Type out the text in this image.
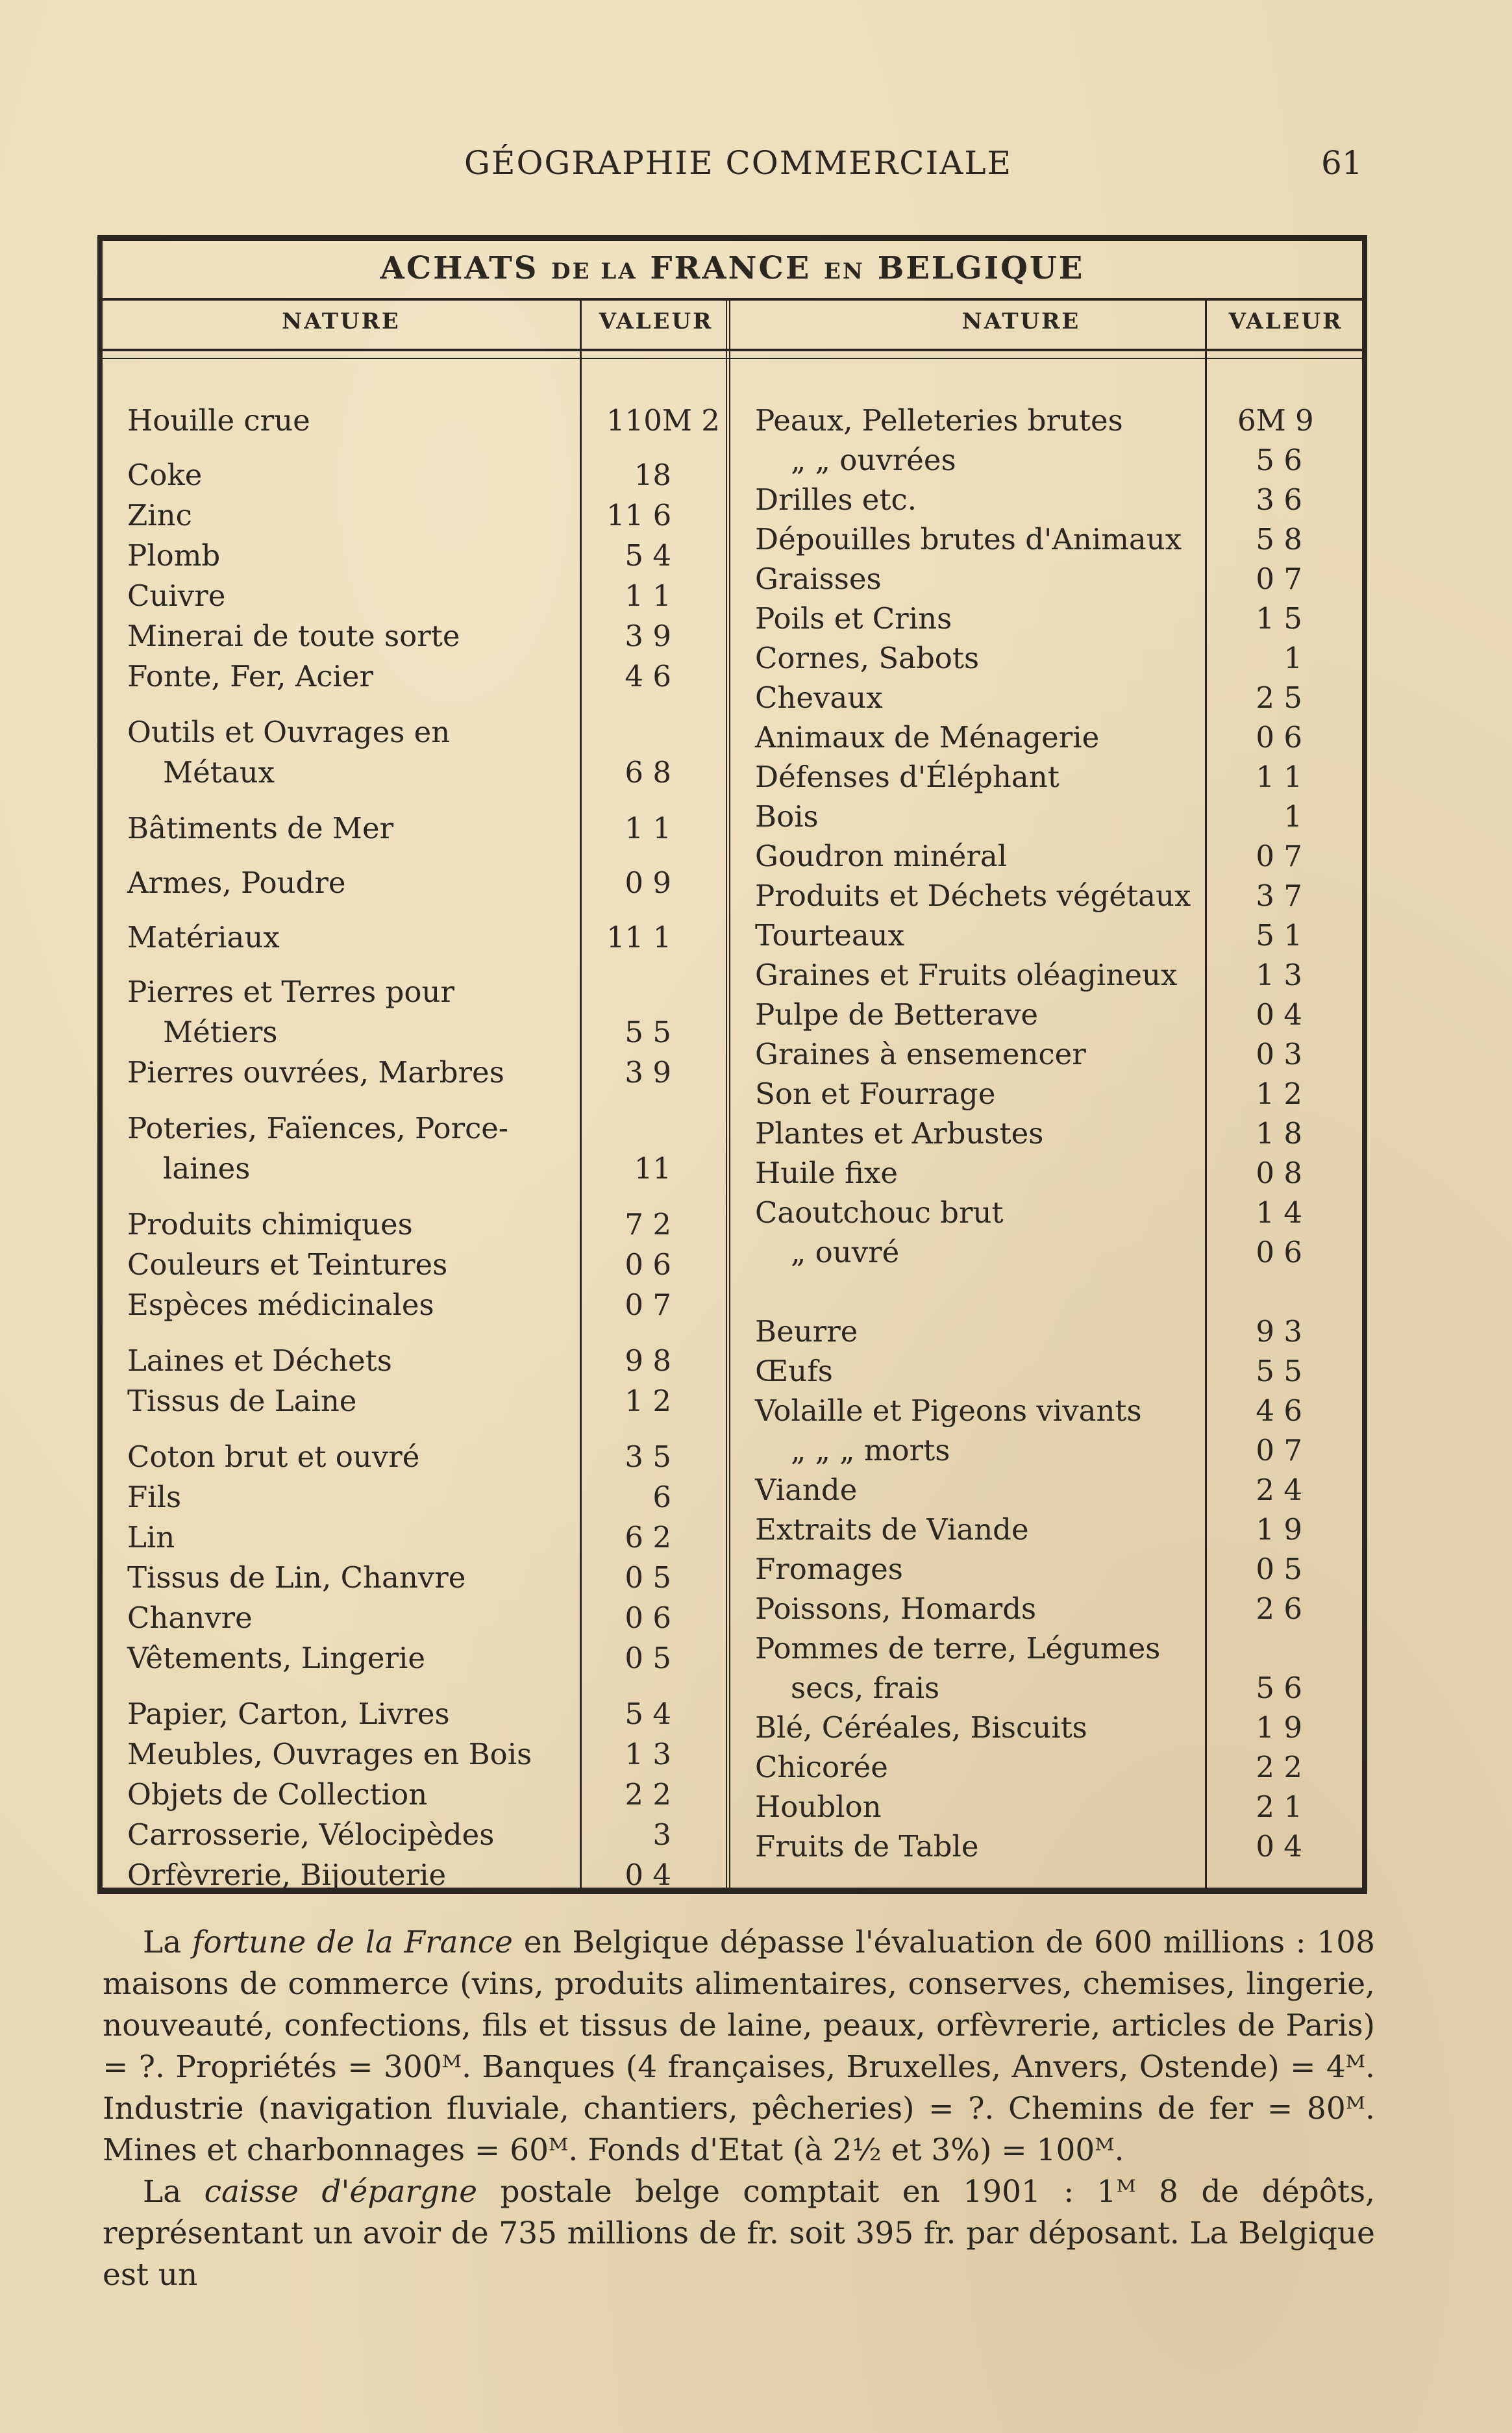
GÉOGRAPHIE COMMERCIALE	61
ACHATS DE LA FRANCE EN BELGIQUE
NATURE	VALEUR	NATURE	VALEUR
Houille crue	110M 2
Coke	18
Zinc	11 6
Plomb	5 4
Cuivre	1 1
Minerai de toute sorte	3 9
Fonte, Fer, Acier	4 6
Outils et Ouvrages en
Métaux	6 8
Bâtiments de Mer	1 1
Armes, Poudre	0 9
Matériaux	11 1
Pierres et Terres pour
Métiers	5 5
Pierres ouvrées, Marbres	3 9
Poteries, Faïences, Porce-
laines	11
Produits chimiques	7 2
Couleurs et Teintures	0 6
Espèces médicinales	0 7
Laines et Déchets	9 8
Tissus de Laine	1 2
Coton brut et ouvré	3 5
Fils	6
Lin	6 2
Tissus de Lin, Chanvre	0 5
Chanvre	0 6
Vêtements, Lingerie	0 5
Papier, Carton, Livres	5 4
Meubles, Ouvrages en Bois	1 3
Objets de Collection	2 2
Carrosserie, Vélocipèdes	3
Orfèvrerie, Bijouterie	0 4
Peaux, Pelleteries brutes	6M 9
„ „ ouvrées	5 6
Drilles etc.	3 6
Dépouilles brutes d'Animaux	5 8
Graisses	0 7
Poils et Crins	1 5
Cornes, Sabots	1
Chevaux	2 5
Animaux de Ménagerie	0 6
Défenses d'Éléphant	1 1
Bois	1
Goudron minéral	0 7
Produits et Déchets végétaux	3 7
Tourteaux	5 1
Graines et Fruits oléagineux	1 3
Pulpe de Betterave	0 4
Graines à ensemencer	0 3
Son et Fourrage	1 2
Plantes et Arbustes	1 8
Huile fixe	0 8
Caoutchouc brut	1 4
„ ouvré	0 6
Beurre	9 3
Œufs	5 5
Volaille et Pigeons vivants	4 6
„ „ „ morts	0 7
Viande	2 4
Extraits de Viande	1 9
Fromages	0 5
Poissons, Homards	2 6
Pommes de terre, Légumes
secs, frais	5 6
Blé, Céréales, Biscuits	1 9
Chicorée	2 2
Houblon	2 1
Fruits de Table	0 4

La fortune de la France en Belgique dépasse l'évaluation de 600 millions : 108 maisons de commerce (vins, produits alimentaires, conserves, chemises, lingerie, nouveauté, confections, fils et tissus de laine, peaux, orfèvrerie, articles de Paris) = ?. Propriétés = 300ᴹ. Banques (4 françaises, Bruxelles, Anvers, Ostende) = 4ᴹ. Industrie (navigation fluviale, chantiers, pêcheries) = ?. Chemins de fer = 80ᴹ. Mines et charbonnages = 60ᴹ. Fonds d'Etat (à 2½ et 3%) = 100ᴹ.

La caisse d'épargne postale belge comptait en 1901 : 1ᴹ 8 de dépôts, représentant un avoir de 735 millions de fr. soit 395 fr. par déposant. La Belgique est un
